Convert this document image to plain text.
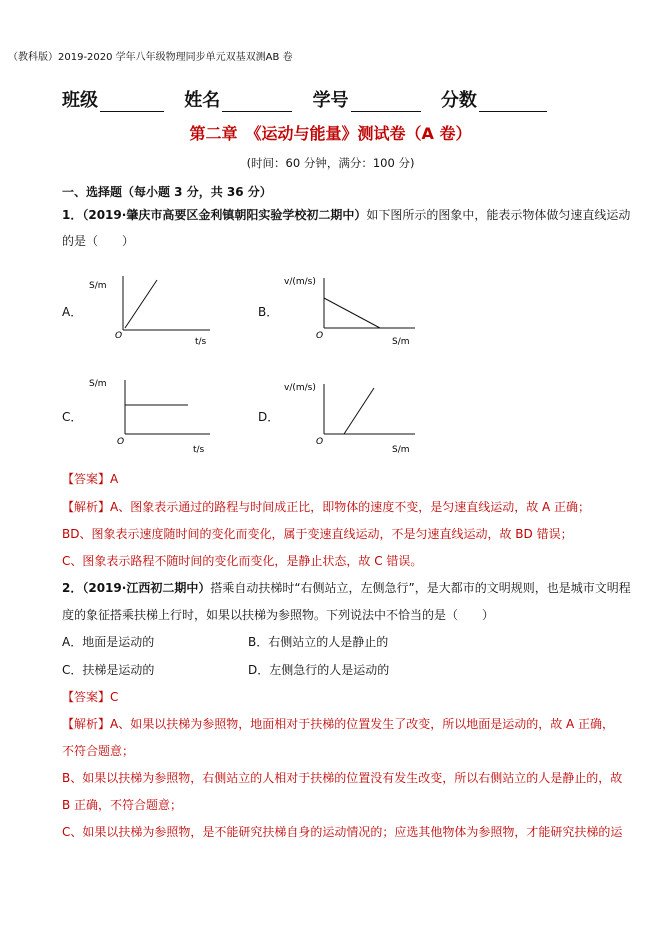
（教科版）2019-2020 学年八年级物理同步单元双基双测AB 卷
班级	姓名	学号	分数
第二章　《运动与能量》测试卷（A 卷）
(时间：60 分钟，满分：100 分)
一、选择题（每小题 3 分，共 36 分）
1．（2019·肇庆市高要区金利镇朝阳实验学校初二期中）如下图所示的图象中，能表示物体做匀速直线运动
的是（　　）
A．
S/m
O
t/s
B．
v/(m/s)
O
S/m
C．
S/m
O
t/s
D．
v/(m/s)
O
S/m
【答案】A
【解析】A、图象表示通过的路程与时间成正比，即物体的速度不变，是匀速直线运动，故 A 正确；
BD、图象表示速度随时间的变化而变化，属于变速直线运动，不是匀速直线运动，故 BD 错误；
C、图象表示路程不随时间的变化而变化，是静止状态，故 C 错误。
2．（2019·江西初二期中）搭乘自动扶梯时“右侧站立，左侧急行”，是大都市的文明规则，也是城市文明程
度的象征搭乘扶梯上行时，如果以扶梯为参照物。下列说法中不恰当的是（　　）
A．地面是运动的	B．右侧站立的人是静止的
C．扶梯是运动的	D．左侧急行的人是运动的
【答案】C
【解析】A、如果以扶梯为参照物，地面相对于扶梯的位置发生了改变，所以地面是运动的，故 A 正确，
不符合题意；
B、如果以扶梯为参照物，右侧站立的人相对于扶梯的位置没有发生改变，所以右侧站立的人是静止的，故
B 正确，不符合题意；
C、如果以扶梯为参照物，是不能研究扶梯自身的运动情况的；应选其他物体为参照物，才能研究扶梯的运
